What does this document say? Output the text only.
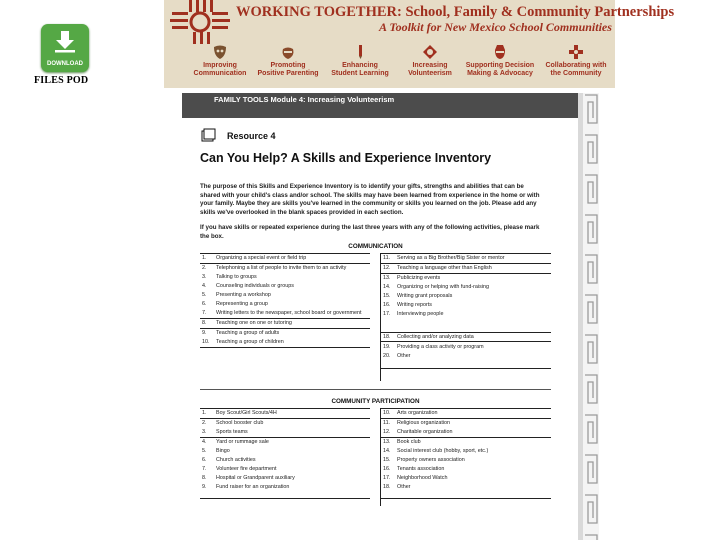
DOWNLOAD
FILES POD
WORKING TOGETHER: School, Family & Community Partnerships
A Toolkit for New Mexico School Communities
Improving
Communication
Promoting
Positive Parenting
Enhancing
Student Learning
Increasing
Volunteerism
Supporting Decision
Making & Advocacy
Collaborating with
the Community
FAMILY TOOLS Module 4: Increasing Volunteerism
Resource 4
Can You Help? A Skills and Experience Inventory

The purpose of this Skills and Experience Inventory is to identify your gifts, strengths and abilities that can be shared with your child's class and/or school. The skills may have been learned from experience in the home or with your family. Maybe they are skills you've learned in the community or skills you learned on the job. Please add any skills we've overlooked in the blank spaces provided in each section.

If you have skills or repeated experience during the last three years with any of the following activities, please mark the box.

COMMUNICATION
1.	Organizing a special event or field trip
2.	Telephoning a list of people to invite them to an activity
3.	Talking to groups
4.	Counseling individuals or groups
5.	Presenting a workshop
6.	Representing a group
7.	Writing letters to the newspaper, school board or government
8.	Teaching one on one or tutoring
9.	Teaching a group of adults
10.	Teaching a group of children
11.	Serving as a Big Brother/Big Sister or mentor
12.	Teaching a language other than English
13.	Publicizing events
14.	Organizing or helping with fund-raising
15.	Writing grant proposals
16.	Writing reports
17.	Interviewing people
18.	Collecting and/or analyzing data
19.	Providing a class activity or program
20.	Other
COMMUNITY PARTICIPATION
1.	Boy Scout/Girl Scouts/4H
2.	School booster club
3.	Sports teams
4.	Yard or rummage sale
5.	Bingo
6.	Church activities
7.	Volunteer fire department
8.	Hospital or Grandparent auxiliary
9.	Fund raiser for an organization
10.	Arts organization
11.	Religious organization
12.	Charitable organization
13.	Book club
14.	Social interest club (hobby, sport, etc.)
15.	Property owners association
16.	Tenants association
17.	Neighborhood Watch
18.	Other
